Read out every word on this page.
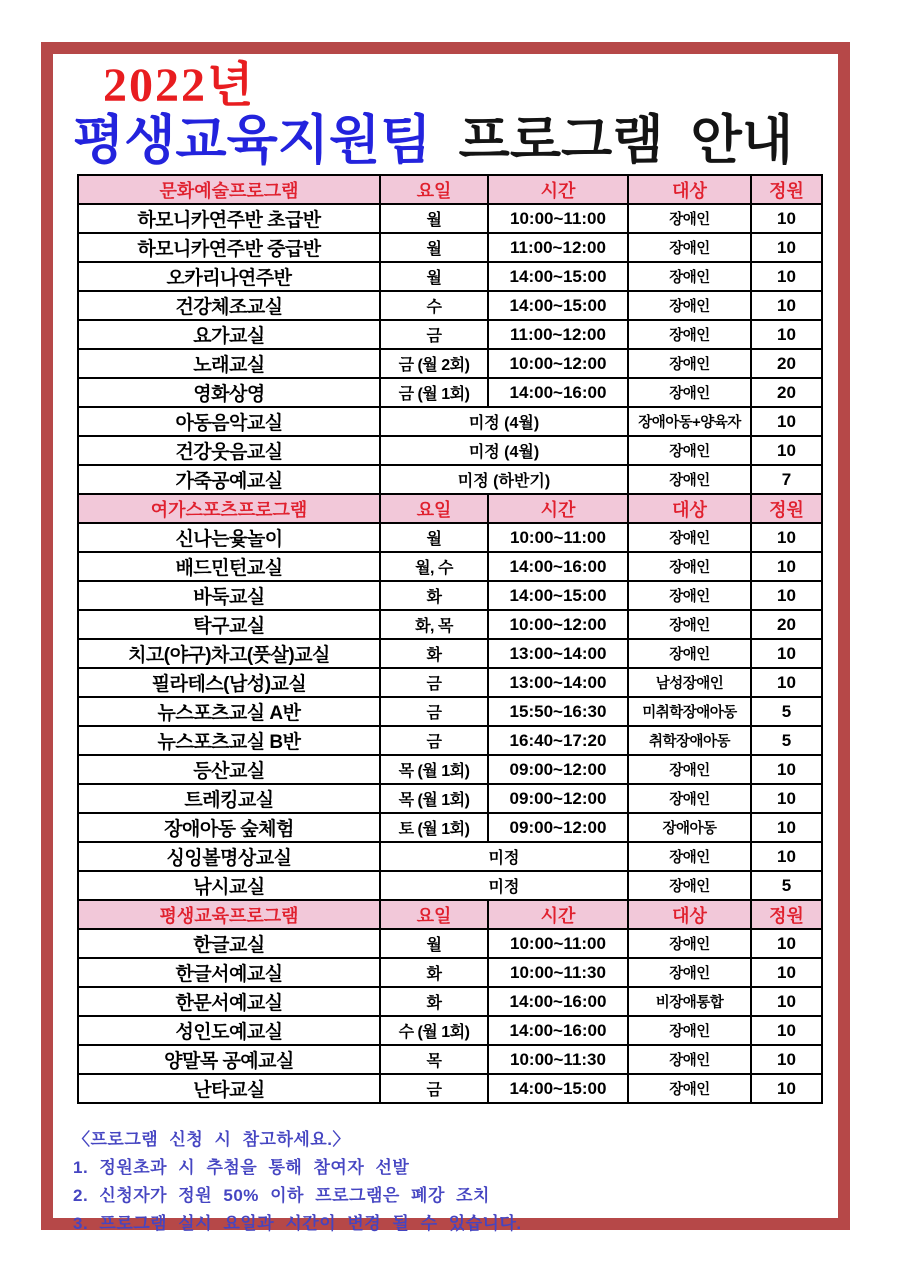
2022년
평생교육지원팀 프로그램 안내
문화예술프로그램	요일	시간	대상	정원
하모니카연주반 초급반	월	10:00~11:00	장애인	10
하모니카연주반 중급반	월	11:00~12:00	장애인	10
오카리나연주반	월	14:00~15:00	장애인	10
건강체조교실	수	14:00~15:00	장애인	10
요가교실	금	11:00~12:00	장애인	10
노래교실	금 (월 2회)	10:00~12:00	장애인	20
영화상영	금 (월 1회)	14:00~16:00	장애인	20
아동음악교실	미정 (4월)		장애아동+양육자	10
건강웃음교실	미정 (4월)		장애인	10
가죽공예교실	미정 (하반기)		장애인	7
여가스포츠프로그램	요일	시간	대상	정원
신나는윷놀이	월	10:00~11:00	장애인	10
배드민턴교실	월, 수	14:00~16:00	장애인	10
바둑교실	화	14:00~15:00	장애인	10
탁구교실	화, 목	10:00~12:00	장애인	20
치고(야구)차고(풋살)교실	화	13:00~14:00	장애인	10
필라테스(남성)교실	금	13:00~14:00	남성장애인	10
뉴스포츠교실 A반	금	15:50~16:30	미취학장애아동	5
뉴스포츠교실 B반	금	16:40~17:20	취학장애아동	5
등산교실	목 (월 1회)	09:00~12:00	장애인	10
트레킹교실	목 (월 1회)	09:00~12:00	장애인	10
장애아동 숲체험	토 (월 1회)	09:00~12:00	장애아동	10
싱잉볼명상교실	미정		장애인	10
낚시교실	미정		장애인	5
평생교육프로그램	요일	시간	대상	정원
한글교실	월	10:00~11:00	장애인	10
한글서예교실	화	10:00~11:30	장애인	10
한문서예교실	화	14:00~16:00	비장애통합	10
성인도예교실	수 (월 1회)	14:00~16:00	장애인	10
양말목 공예교실	목	10:00~11:30	장애인	10
난타교실	금	14:00~15:00	장애인	10
〈프로그램 신청 시 참고하세요.〉
1. 정원초과 시 추첨을 통해 참여자 선발
2. 신청자가 정원 50% 이하 프로그램은 폐강 조치
3. 프로그램 실시 요일과 시간이 변경 될 수 있습니다.
